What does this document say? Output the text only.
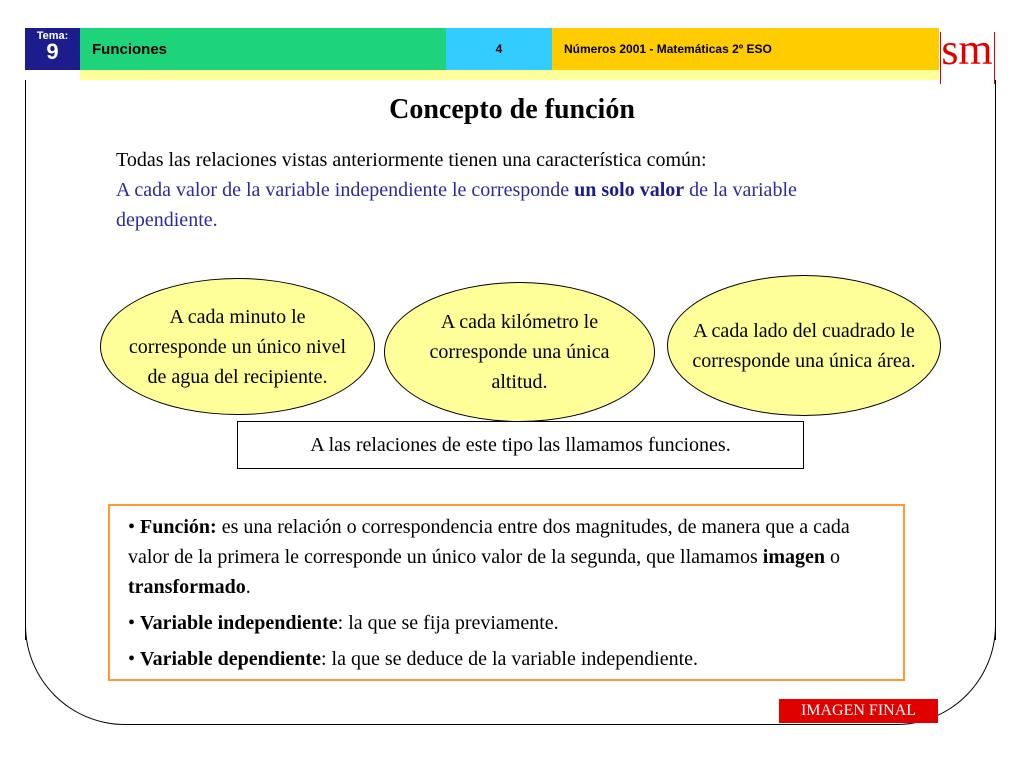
Tema:
9	Funciones	4	Números 2001 - Matemáticas 2º ESO	sm
Concepto de función
Todas las relaciones vistas anteriormente tienen una característica común:
A cada valor de la variable independiente le corresponde un solo valor de la variable dependiente.
A cada minuto le corresponde un único nivel de agua del recipiente.
A cada kilómetro le corresponde una única altitud.
A cada lado del cuadrado le corresponde una única área.
A las relaciones de este tipo las llamamos funciones.

• Función: es una relación o correspondencia entre dos magnitudes, de manera que a cada valor de la primera le corresponde un único valor de la segunda, que llamamos imagen o transformado.

• Variable independiente: la que se fija previamente.

• Variable dependiente: la que se deduce de la variable independiente.

IMAGEN FINAL
